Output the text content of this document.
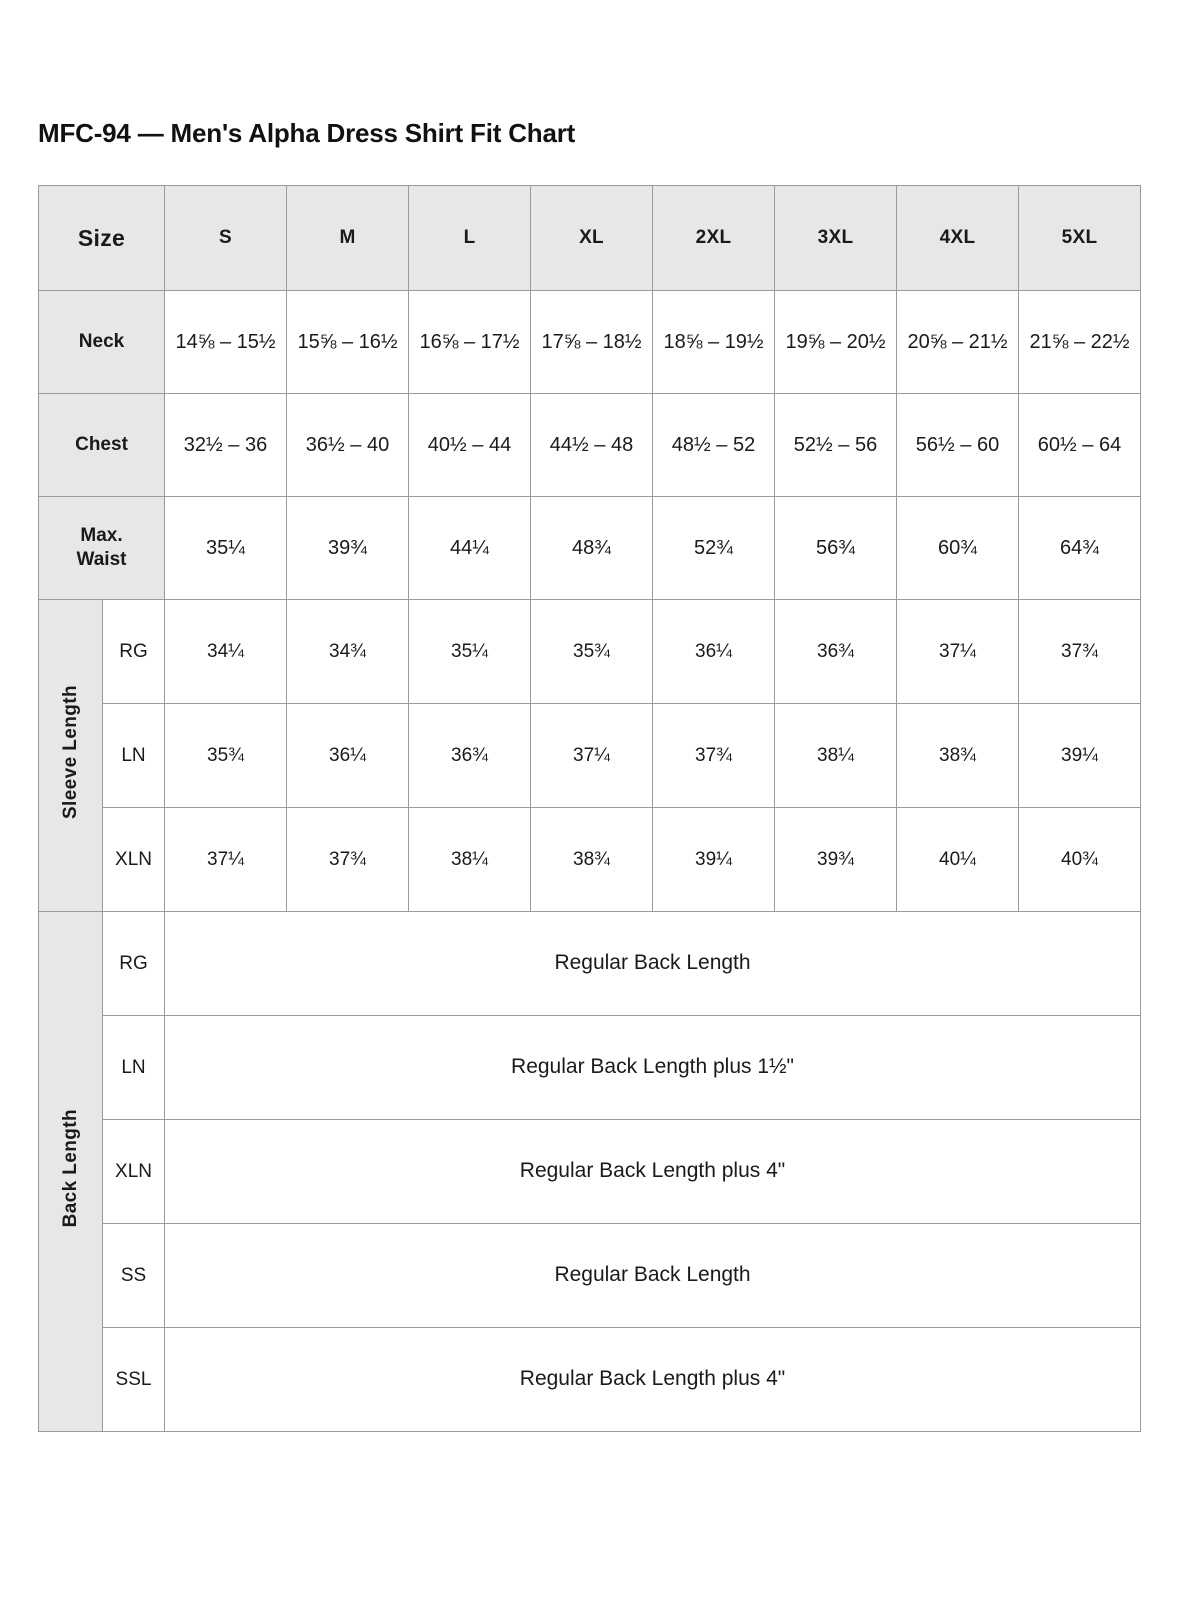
MFC-94 — Men's Alpha Dress Shirt Fit Chart
Size		S	M	L	XL	2XL	3XL	4XL	5XL
Neck		14⅝ – 15½	15⅝ – 16½	16⅝ – 17½	17⅝ – 18½	18⅝ – 19½	19⅝ – 20½	20⅝ – 21½	21⅝ – 22½
Chest		32½ – 36	36½ – 40	40½ – 44	44½ – 48	48½ – 52	52½ – 56	56½ – 60	60½ – 64
Max.
Waist		35¼	39¾	44¼	48¾	52¾	56¾	60¾	64¾
Sleeve Length	RG	34¼	34¾	35¼	35¾	36¼	36¾	37¼	37¾
	LN	35¾	36¼	36¾	37¼	37¾	38¼	38¾	39¼
	XLN	37¼	37¾	38¼	38¾	39¼	39¾	40¼	40¾
Back Length	RG	Regular Back Length							
	LN	Regular Back Length plus 1½"							
	XLN	Regular Back Length plus 4"							
	SS	Regular Back Length							
	SSL	Regular Back Length plus 4"							
